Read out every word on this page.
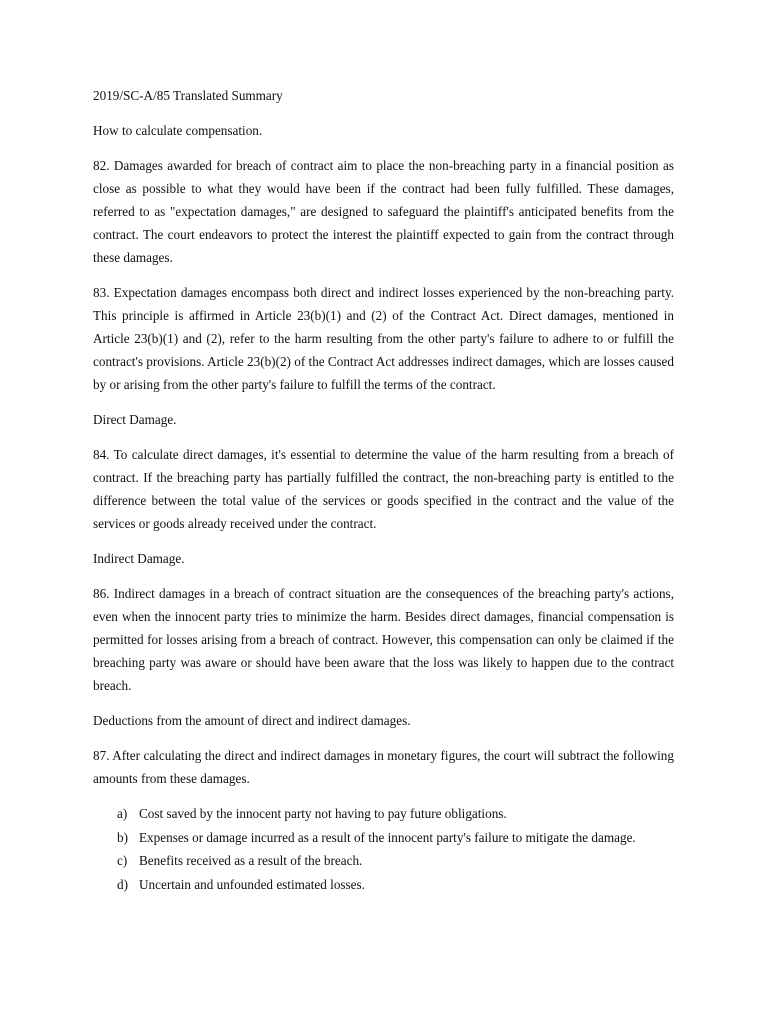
2019/SC-A/85 Translated Summary

How to calculate compensation.

82. Damages awarded for breach of contract aim to place the non-breaching party in a financial position as close as possible to what they would have been if the contract had been fully fulfilled. These damages, referred to as "expectation damages," are designed to safeguard the plaintiff's anticipated benefits from the contract. The court endeavors to protect the interest the plaintiff expected to gain from the contract through these damages.

83. Expectation damages encompass both direct and indirect losses experienced by the non-breaching party. This principle is affirmed in Article 23(b)(1) and (2) of the Contract Act. Direct damages, mentioned in Article 23(b)(1) and (2), refer to the harm resulting from the other party's failure to adhere to or fulfill the contract's provisions. Article 23(b)(2) of the Contract Act addresses indirect damages, which are losses caused by or arising from the other party's failure to fulfill the terms of the contract.

Direct Damage.

84. To calculate direct damages, it's essential to determine the value of the harm resulting from a breach of contract. If the breaching party has partially fulfilled the contract, the non-breaching party is entitled to the difference between the total value of the services or goods specified in the contract and the value of the services or goods already received under the contract.

Indirect Damage.

86. Indirect damages in a breach of contract situation are the consequences of the breaching party's actions, even when the innocent party tries to minimize the harm. Besides direct damages, financial compensation is permitted for losses arising from a breach of contract. However, this compensation can only be claimed if the breaching party was aware or should have been aware that the loss was likely to happen due to the contract breach.

Deductions from the amount of direct and indirect damages.

87. After calculating the direct and indirect damages in monetary figures, the court will subtract the following amounts from these damages.

a) Cost saved by the innocent party not having to pay future obligations.
b) Expenses or damage incurred as a result of the innocent party's failure to mitigate the damage.
c) Benefits received as a result of the breach.
d) Uncertain and unfounded estimated losses.
